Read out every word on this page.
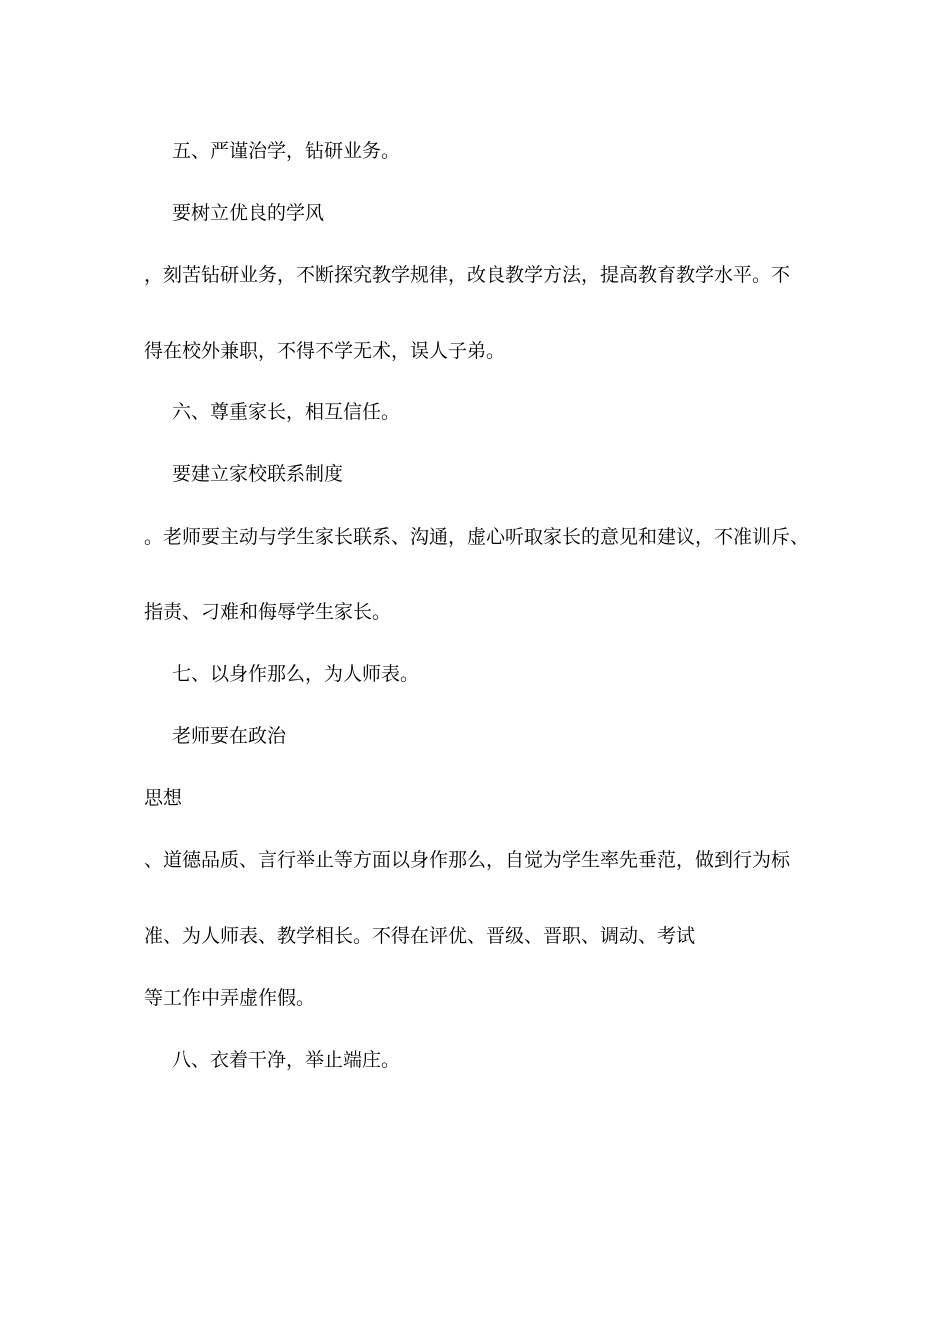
五、严谨治学，钻研业务。
要树立优良的学风
，刻苦钻研业务，不断探究教学规律，改良教学方法，提高教育教学水平。不
得在校外兼职，不得不学无术，误人子弟。
六、尊重家长，相互信任。
要建立家校联系制度
。老师要主动与学生家长联系、沟通，虚心听取家长的意见和建议，不准训斥、
指责、刁难和侮辱学生家长。
七、以身作那么，为人师表。
老师要在政治
思想
、道德品质、言行举止等方面以身作那么，自觉为学生率先垂范，做到行为标
准、为人师表、教学相长。不得在评优、晋级、晋职、调动、考试
等工作中弄虚作假。
八、衣着干净，举止端庄。
